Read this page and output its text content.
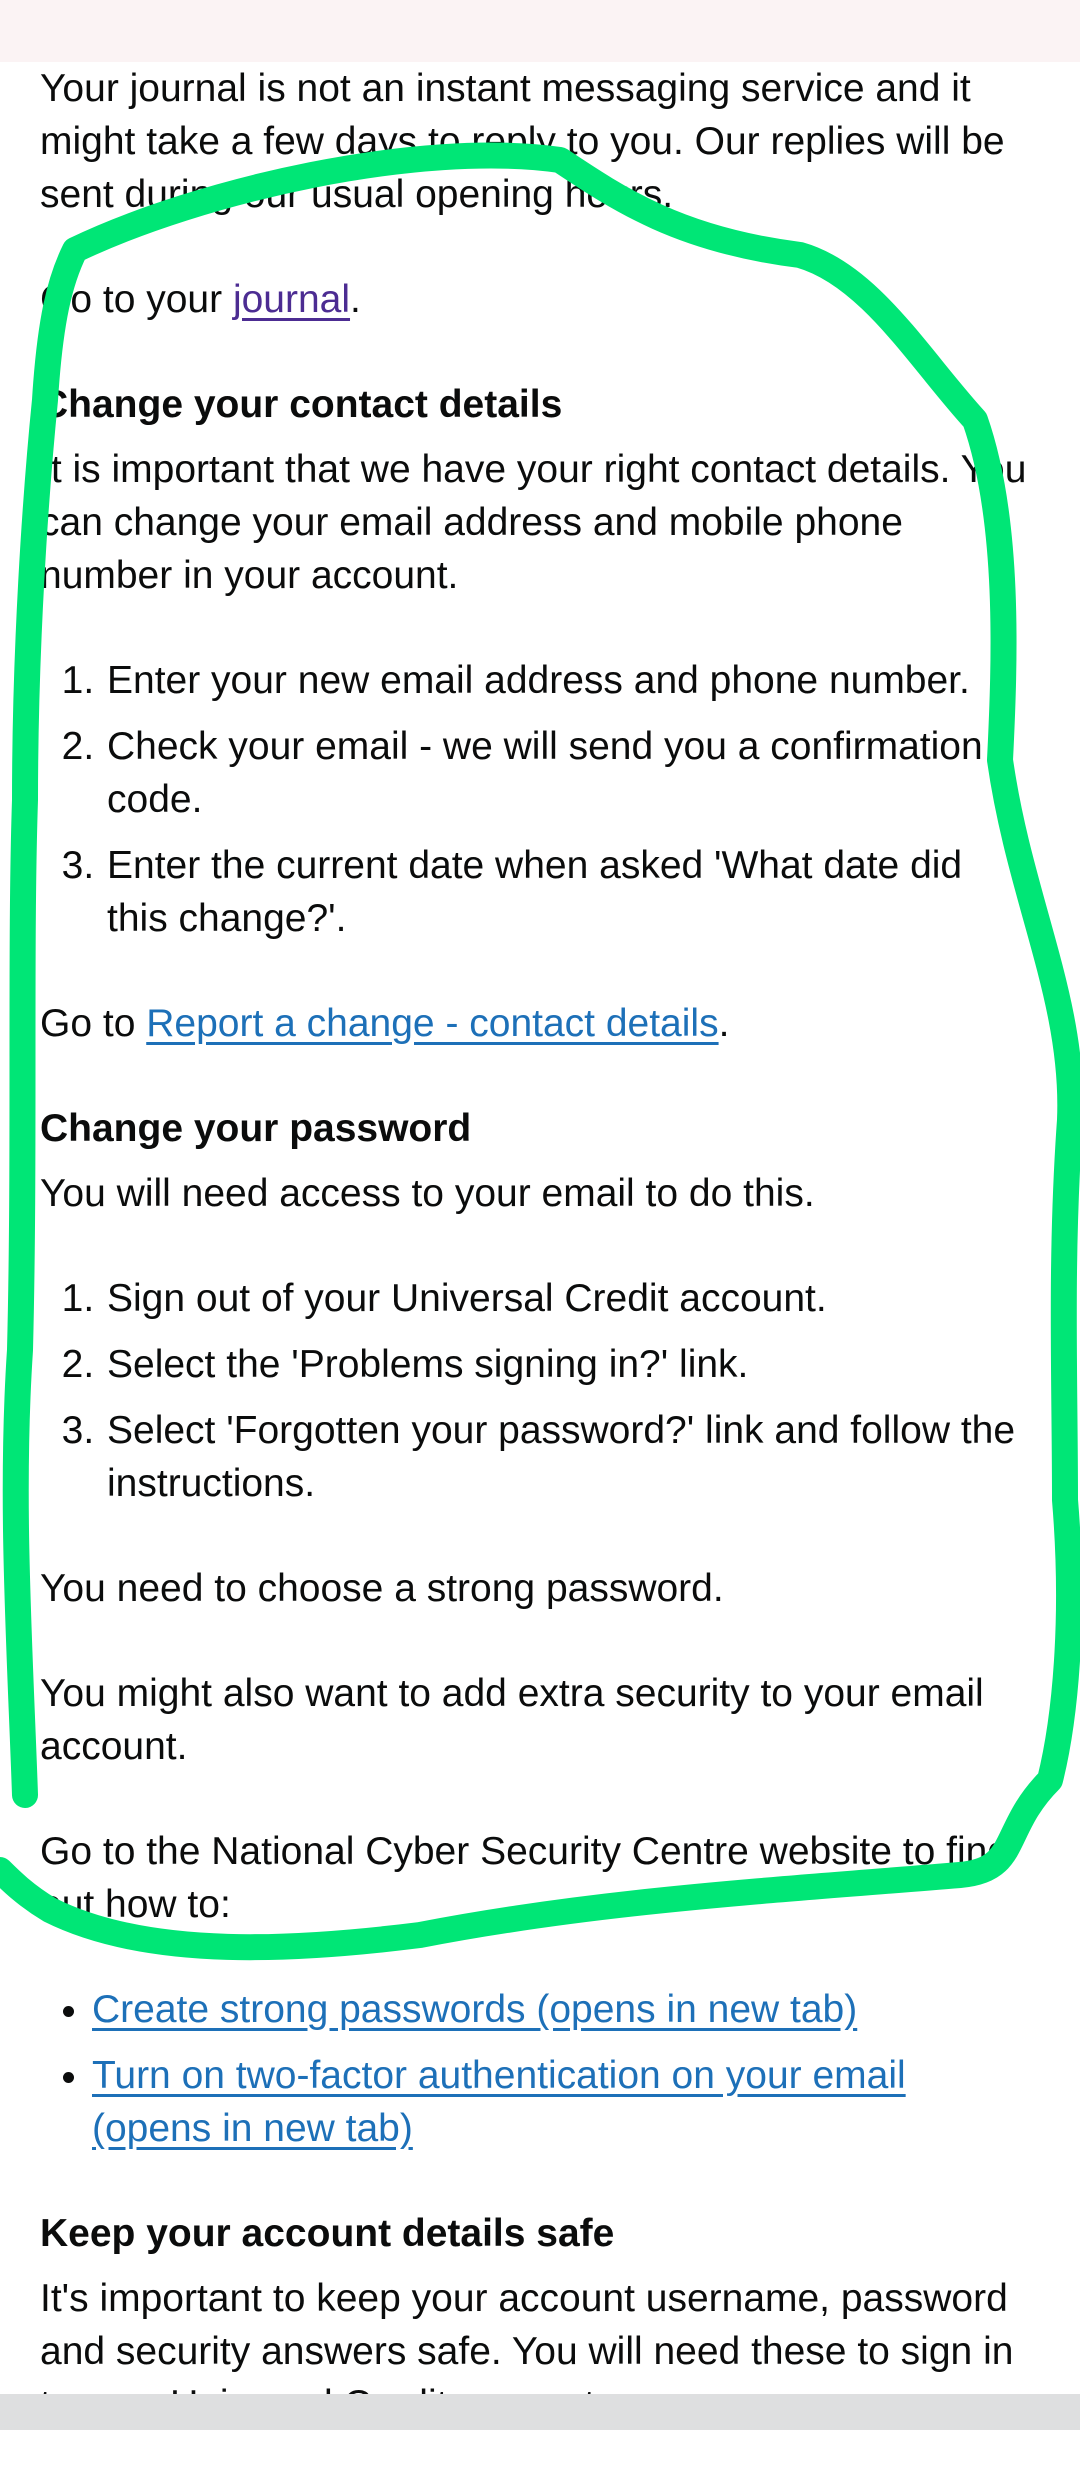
Your journal is not an instant messaging service and it might take a few days to reply to you. Our replies will be sent during our usual opening hours.

Go to your journal.

Change your contact details

It is important that we have your right contact details. You can change your email address and mobile phone number in your account.

1. Enter your new email address and phone number.
2. Check your email - we will send you a confirmation code.
3. Enter the current date when asked 'What date did this change?'.

Go to Report a change - contact details.

Change your password

You will need access to your email to do this.

1. Sign out of your Universal Credit account.
2. Select the 'Problems signing in?' link.
3. Select 'Forgotten your password?' link and follow the instructions.

You need to choose a strong password.

You might also want to add extra security to your email account.

Go to the National Cyber Security Centre website to find out how to:

• Create strong passwords (opens in new tab)
• Turn on two-factor authentication on your email (opens in new tab)
Keep your account details safe

It's important to keep your account username, password and security answers safe. You will need these to sign in
